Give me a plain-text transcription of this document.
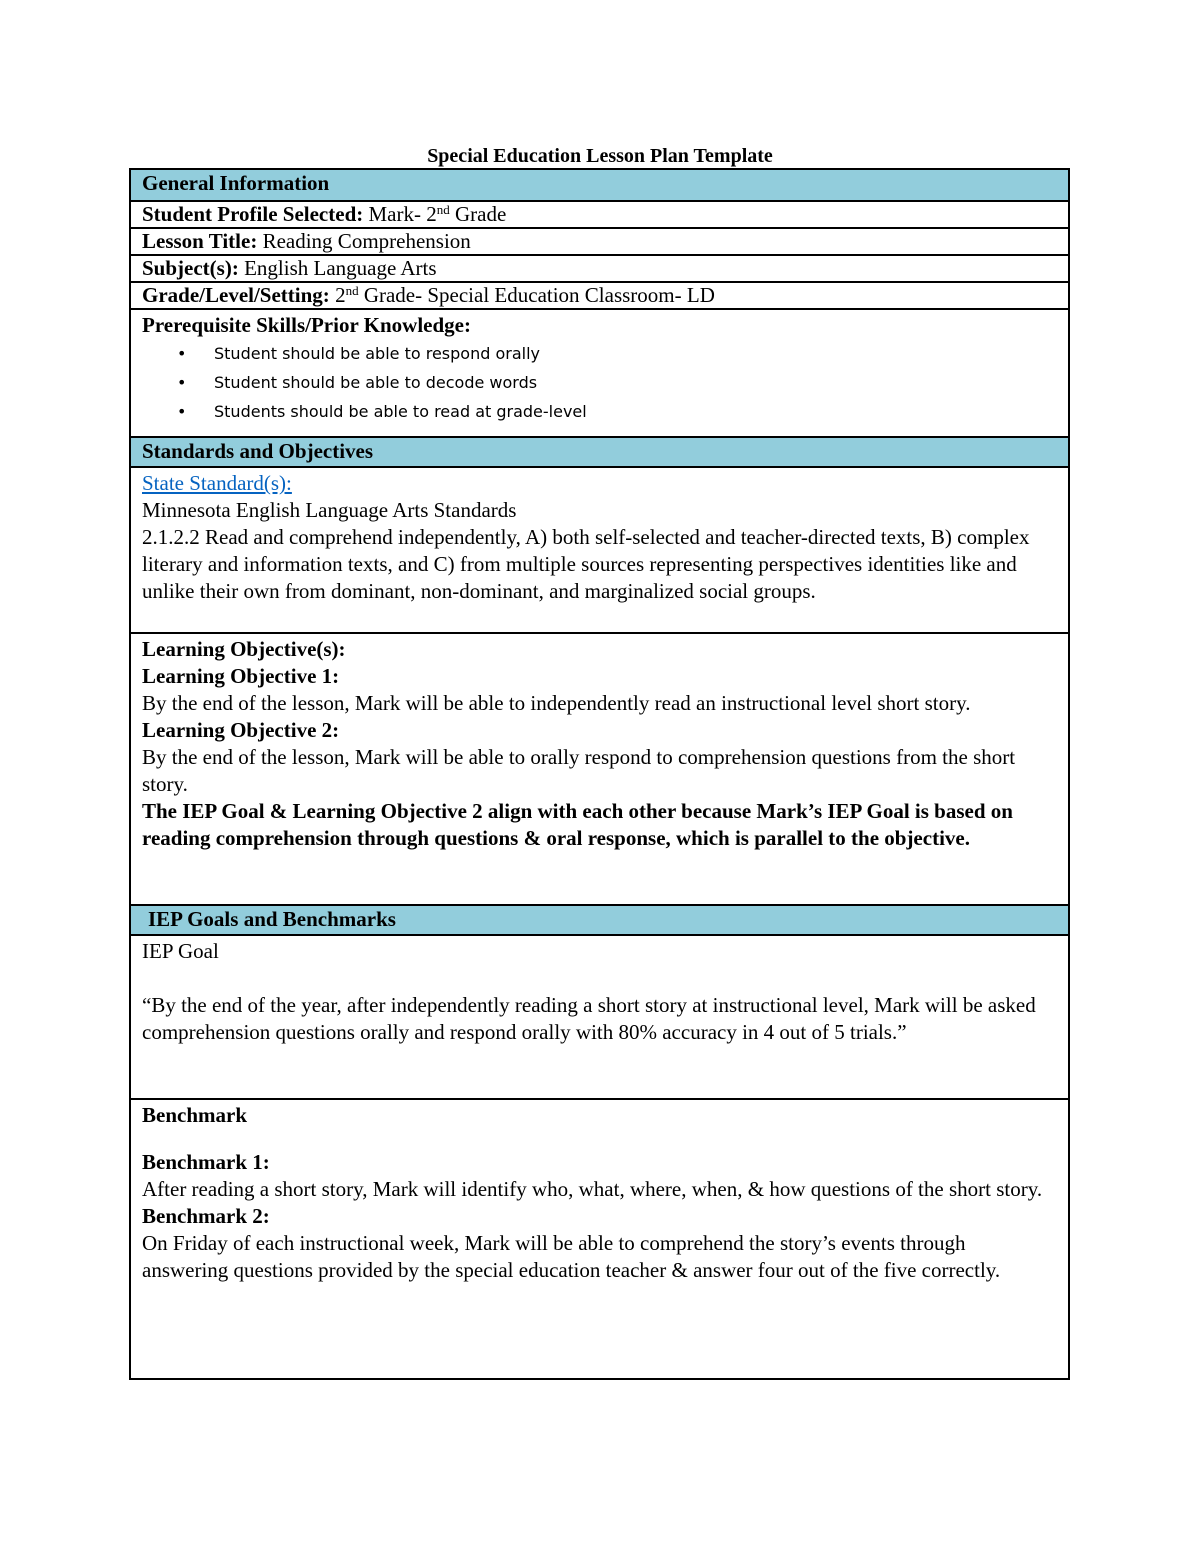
Special Education Lesson Plan Template
General Information

Student Profile Selected: Mark- 2nd Grade

Lesson Title: Reading Comprehension

Subject(s): English Language Arts

Grade/Level/Setting: 2nd Grade- Special Education Classroom- LD

Prerequisite Skills/Prior Knowledge:
• Student should be able to respond orally
• Student should be able to decode words
• Students should be able to read at grade-level

Standards and Objectives

State Standard(s):
Minnesota English Language Arts Standards
2.1.2.2 Read and comprehend independently, A) both self-selected and teacher-directed texts, B) complex literary and information texts, and C) from multiple sources representing perspectives identities like and unlike their own from dominant, non-dominant, and marginalized social groups.

Learning Objective(s):
Learning Objective 1:
By the end of the lesson, Mark will be able to independently read an instructional level short story.
Learning Objective 2:
By the end of the lesson, Mark will be able to orally respond to comprehension questions from the short story.
The IEP Goal & Learning Objective 2 align with each other because Mark’s IEP Goal is based on reading comprehension through questions & oral response, which is parallel to the objective.

IEP Goals and Benchmarks

IEP Goal
“By the end of the year, after independently reading a short story at instructional level, Mark will be asked comprehension questions orally and respond orally with 80% accuracy in 4 out of 5 trials.”

Benchmark
Benchmark 1:
After reading a short story, Mark will identify who, what, where, when, & how questions of the short story.
Benchmark 2:
On Friday of each instructional week, Mark will be able to comprehend the story’s events through answering questions provided by the special education teacher & answer four out of the five correctly.
